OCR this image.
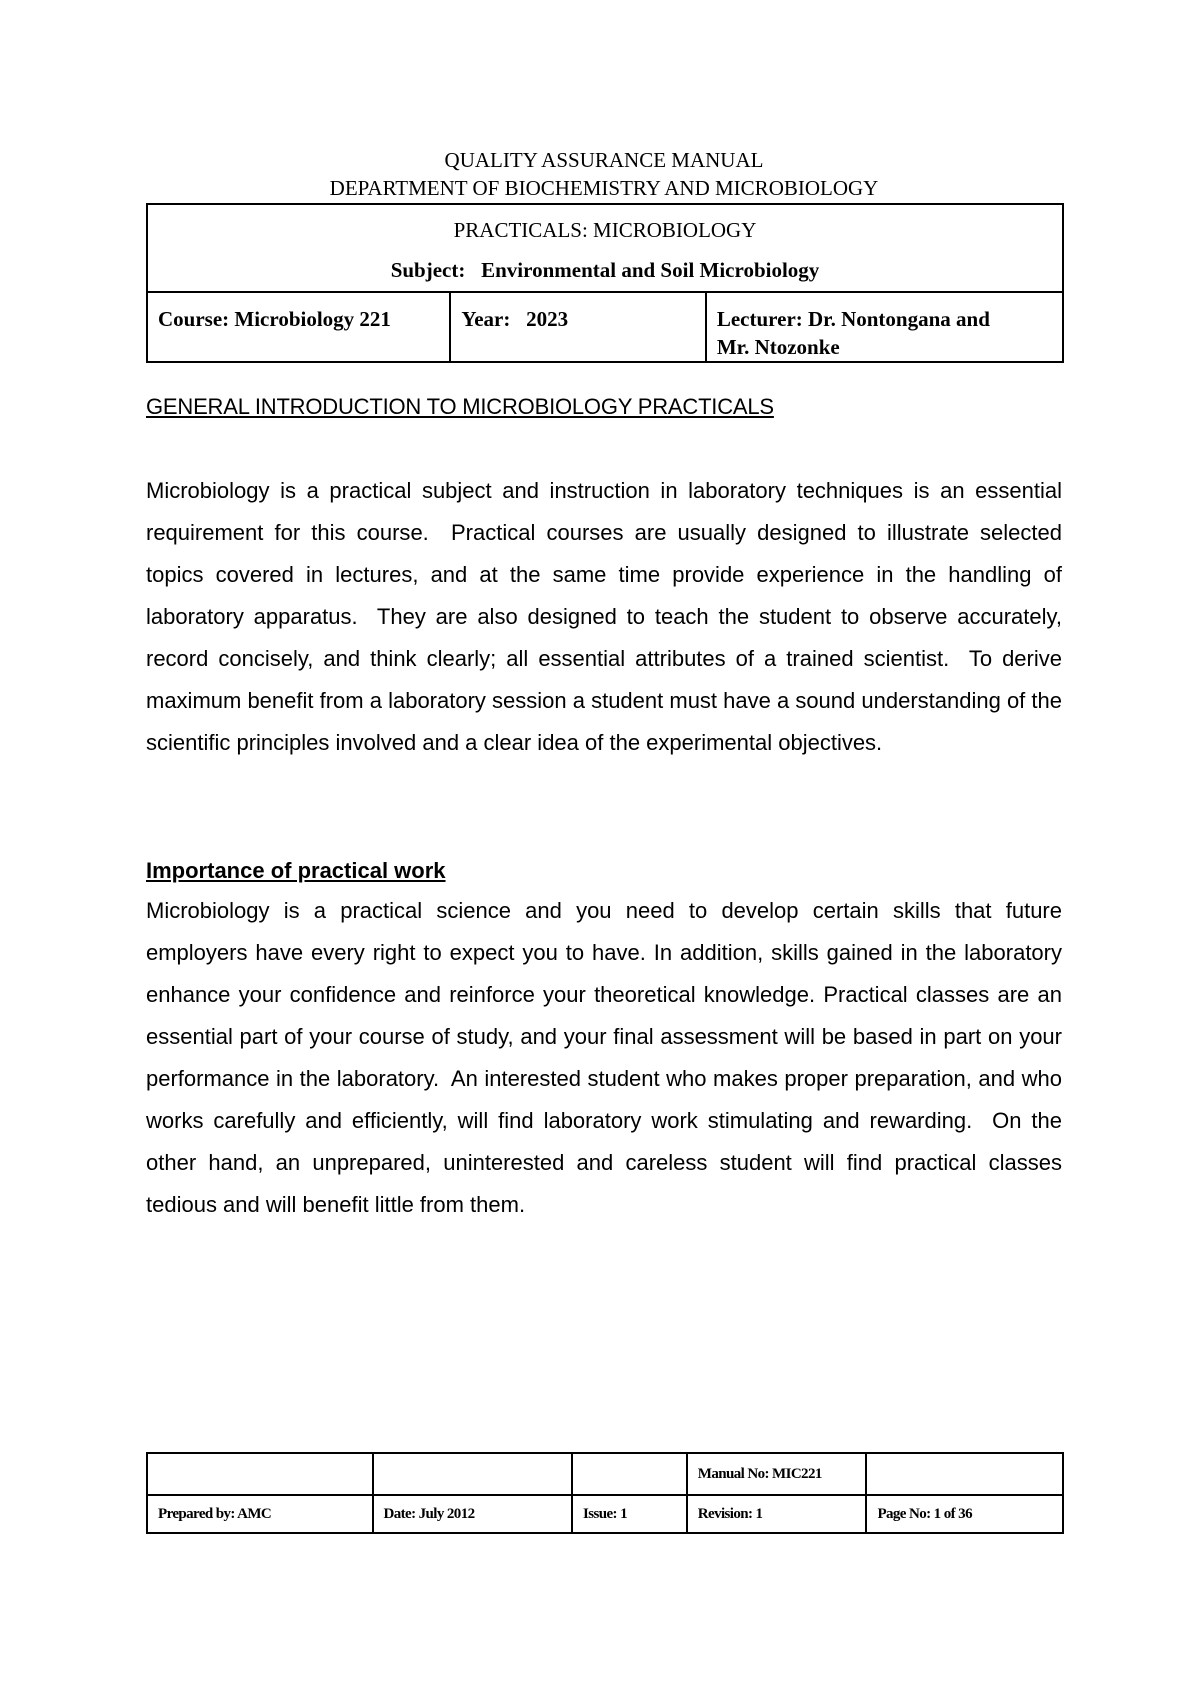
QUALITY ASSURANCE MANUAL
DEPARTMENT OF BIOCHEMISTRY AND MICROBIOLOGY
PRACTICALS: MICROBIOLOGY
Subject:   Environmental and Soil Microbiology

Course: Microbiology 221	Year:   2023	Lecturer: Dr. Nontongana and
Mr. Ntozonke
GENERAL INTRODUCTION TO MICROBIOLOGY PRACTICALS
Microbiology is a practical subject and instruction in laboratory techniques is an essential requirement for this course.  Practical courses are usually designed to illustrate selected topics covered in lectures, and at the same time provide experience in the handling of laboratory apparatus.  They are also designed to teach the student to observe accurately, record concisely, and think clearly; all essential attributes of a trained scientist.  To derive maximum benefit from a laboratory session a student must have a sound understanding of the scientific principles involved and a clear idea of the experimental objectives.
Importance of practical work
Microbiology is a practical science and you need to develop certain skills that future employers have every right to expect you to have. In addition, skills gained in the laboratory enhance your confidence and reinforce your theoretical knowledge. Practical classes are an essential part of your course of study, and your final assessment will be based in part on your performance in the laboratory.  An interested student who makes proper preparation, and who works carefully and efficiently, will find laboratory work stimulating and rewarding.  On the other hand, an unprepared, uninterested and careless student will find practical classes tedious and will benefit little from them.
			Manual No: MIC221	
Prepared by: AMC	Date: July 2012	Issue: 1	Revision: 1	Page No: 1 of 36
